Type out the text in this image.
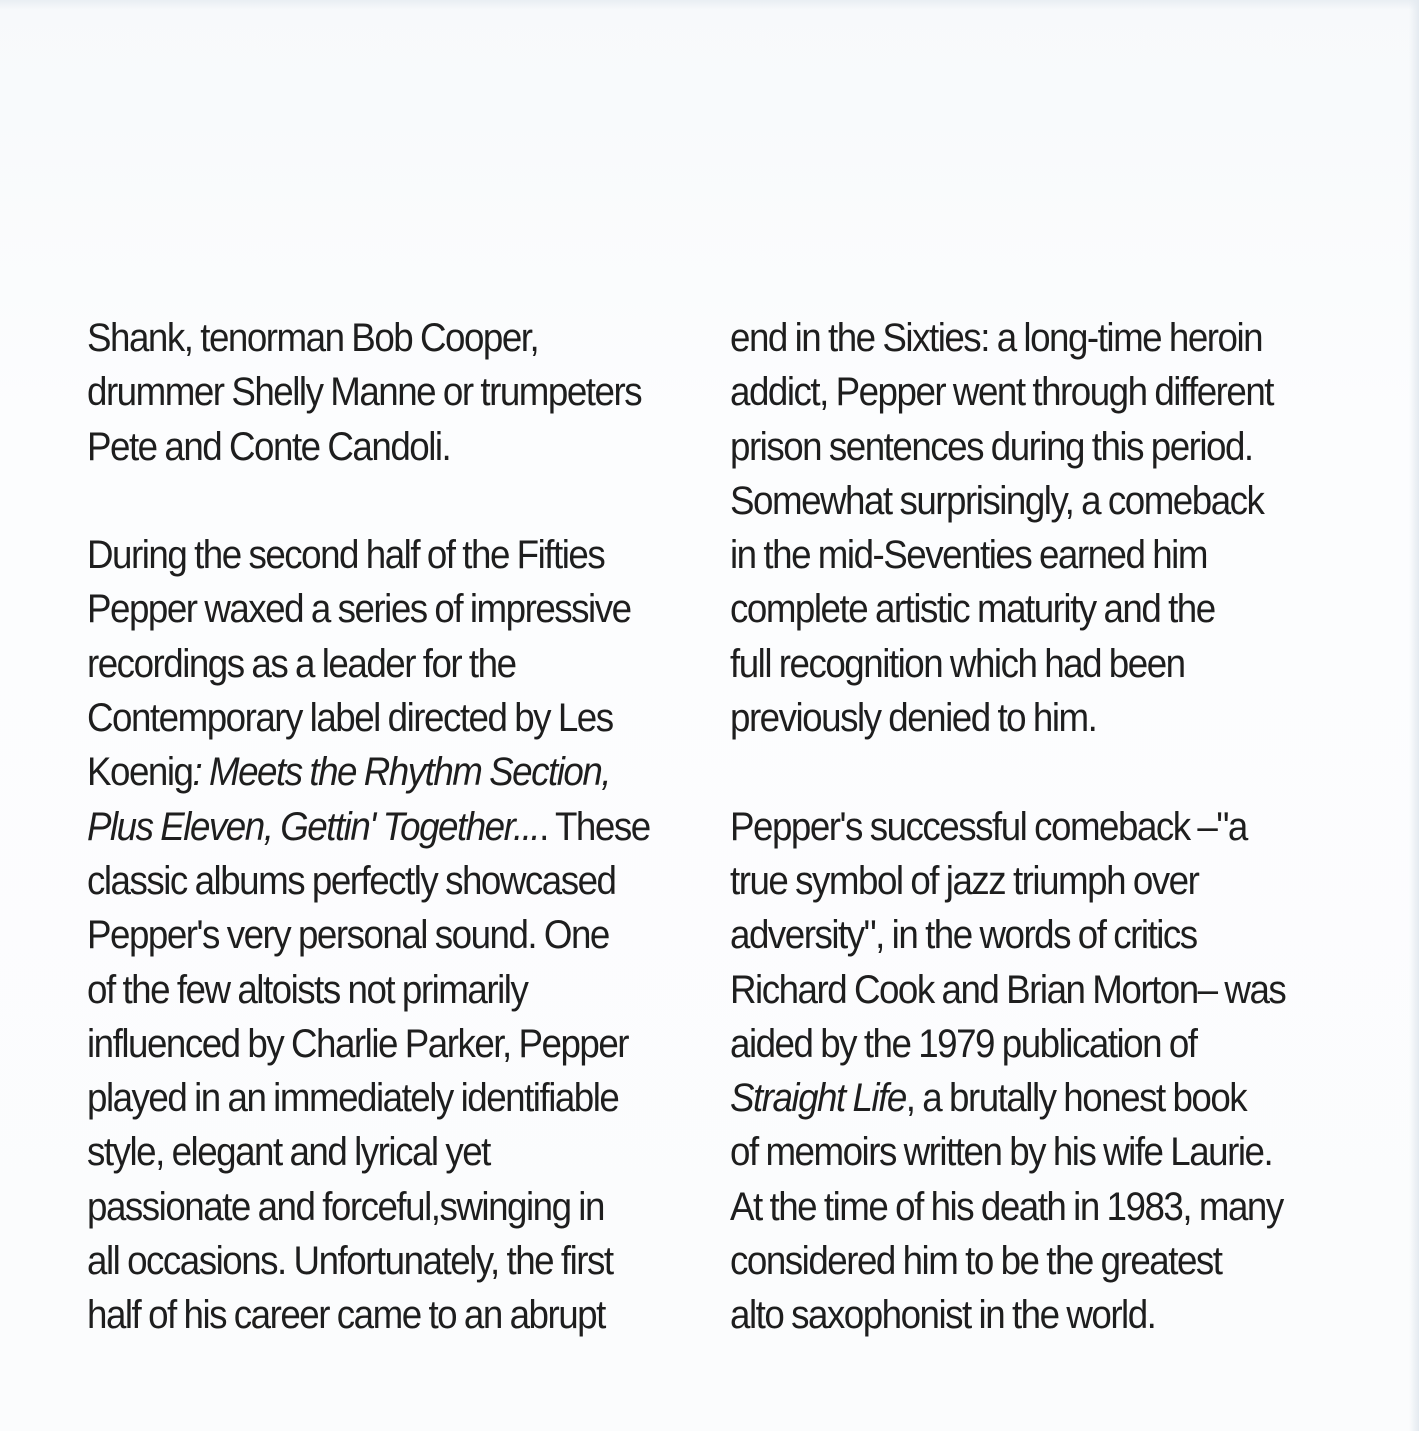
Shank, tenorman Bob Cooper,
drummer Shelly Manne or trumpeters
Pete and Conte Candoli.
During the second half of the Fifties
Pepper waxed a series of impressive
recordings as a leader for the
Contemporary label directed by Les
Koenig: Meets the Rhythm Section,
Plus Eleven, Gettin' Together.... These
classic albums perfectly showcased
Pepper's very personal sound. One
of the few altoists not primarily
influenced by Charlie Parker, Pepper
played in an immediately identifiable
style, elegant and lyrical yet
passionate and forceful,swinging in
all occasions. Unfortunately, the first
half of his career came to an abrupt
end in the Sixties: a long-time heroin
addict, Pepper went through different
prison sentences during this period.
Somewhat surprisingly, a comeback
in the mid-Seventies earned him
complete artistic maturity and the
full recognition which had been
previously denied to him.
Pepper's successful comeback –"a
true symbol of jazz triumph over
adversity", in the words of critics
Richard Cook and Brian Morton– was
aided by the 1979 publication of
Straight Life, a brutally honest book
of memoirs written by his wife Laurie.
At the time of his death in 1983, many
considered him to be the greatest
alto saxophonist in the world.
